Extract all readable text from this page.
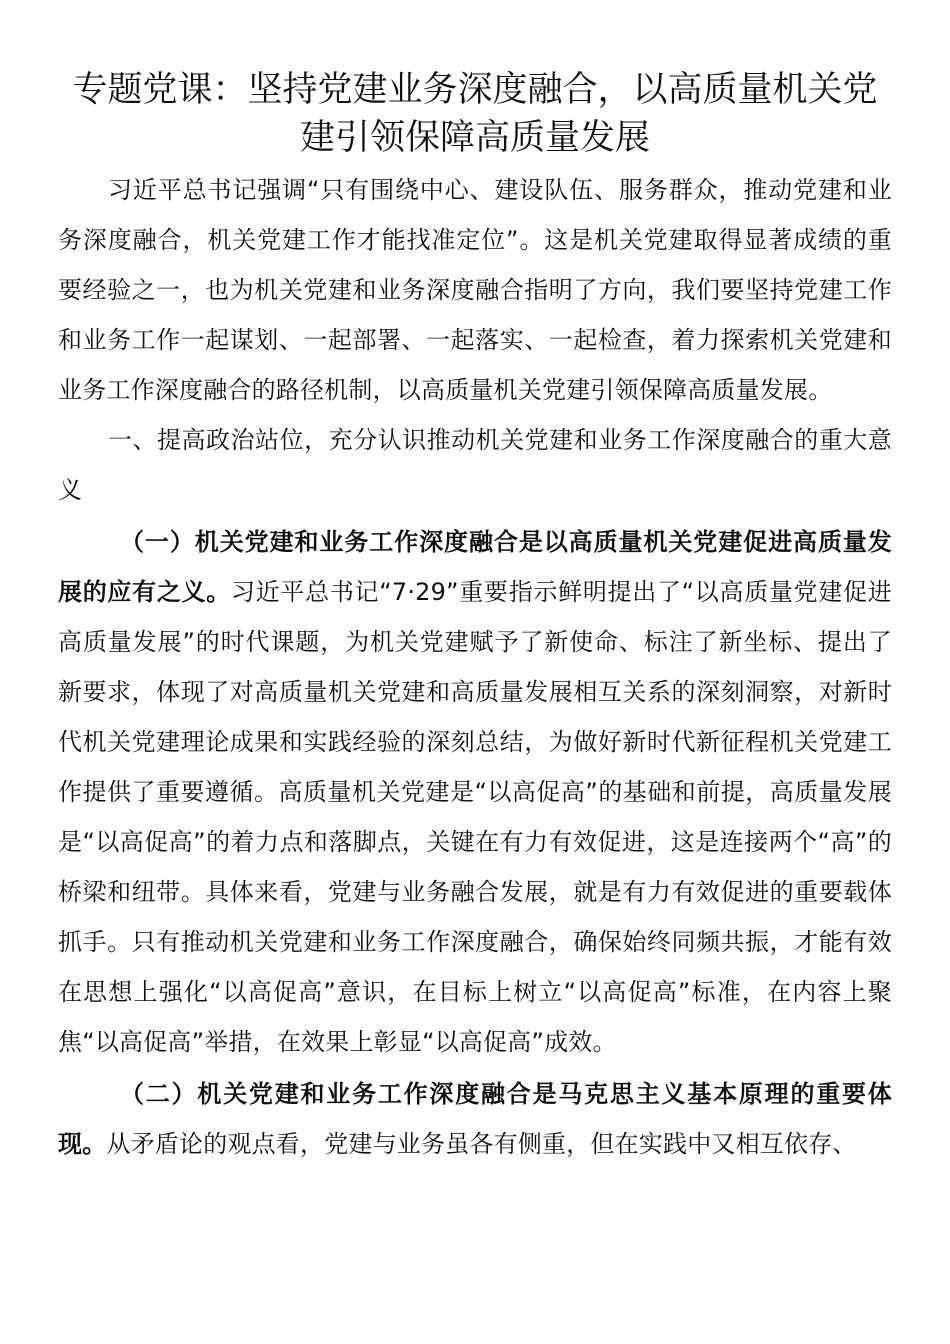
专题党课：坚持党建业务深度融合，以高质量机关党建引领保障高质量发展

习近平总书记强调“只有围绕中心、建设队伍、服务群众，推动党建和业务深度融合，机关党建工作才能找准定位”。这是机关党建取得显著成绩的重要经验之一，也为机关党建和业务深度融合指明了方向，我们要坚持党建工作和业务工作一起谋划、一起部署、一起落实、一起检查，着力探索机关党建和业务工作深度融合的路径机制，以高质量机关党建引领保障高质量发展。

一、提高政治站位，充分认识推动机关党建和业务工作深度融合的重大意义

（一）机关党建和业务工作深度融合是以高质量机关党建促进高质量发展的应有之义。习近平总书记“7·29”重要指示鲜明提出了“以高质量党建促进高质量发展”的时代课题，为机关党建赋予了新使命、标注了新坐标、提出了新要求，体现了对高质量机关党建和高质量发展相互关系的深刻洞察，对新时代机关党建理论成果和实践经验的深刻总结，为做好新时代新征程机关党建工作提供了重要遵循。高质量机关党建是“以高促高”的基础和前提，高质量发展是“以高促高”的着力点和落脚点，关键在有力有效促进，这是连接两个“高”的桥梁和纽带。具体来看，党建与业务融合发展，就是有力有效促进的重要载体抓手。只有推动机关党建和业务工作深度融合，确保始终同频共振，才能有效在思想上强化“以高促高”意识，在目标上树立“以高促高”标准，在内容上聚焦“以高促高”举措，在效果上彰显“以高促高”成效。

（二）机关党建和业务工作深度融合是马克思主义基本原理的重要体现。从矛盾论的观点看，党建与业务虽各有侧重，但在实践中又相互依存、
